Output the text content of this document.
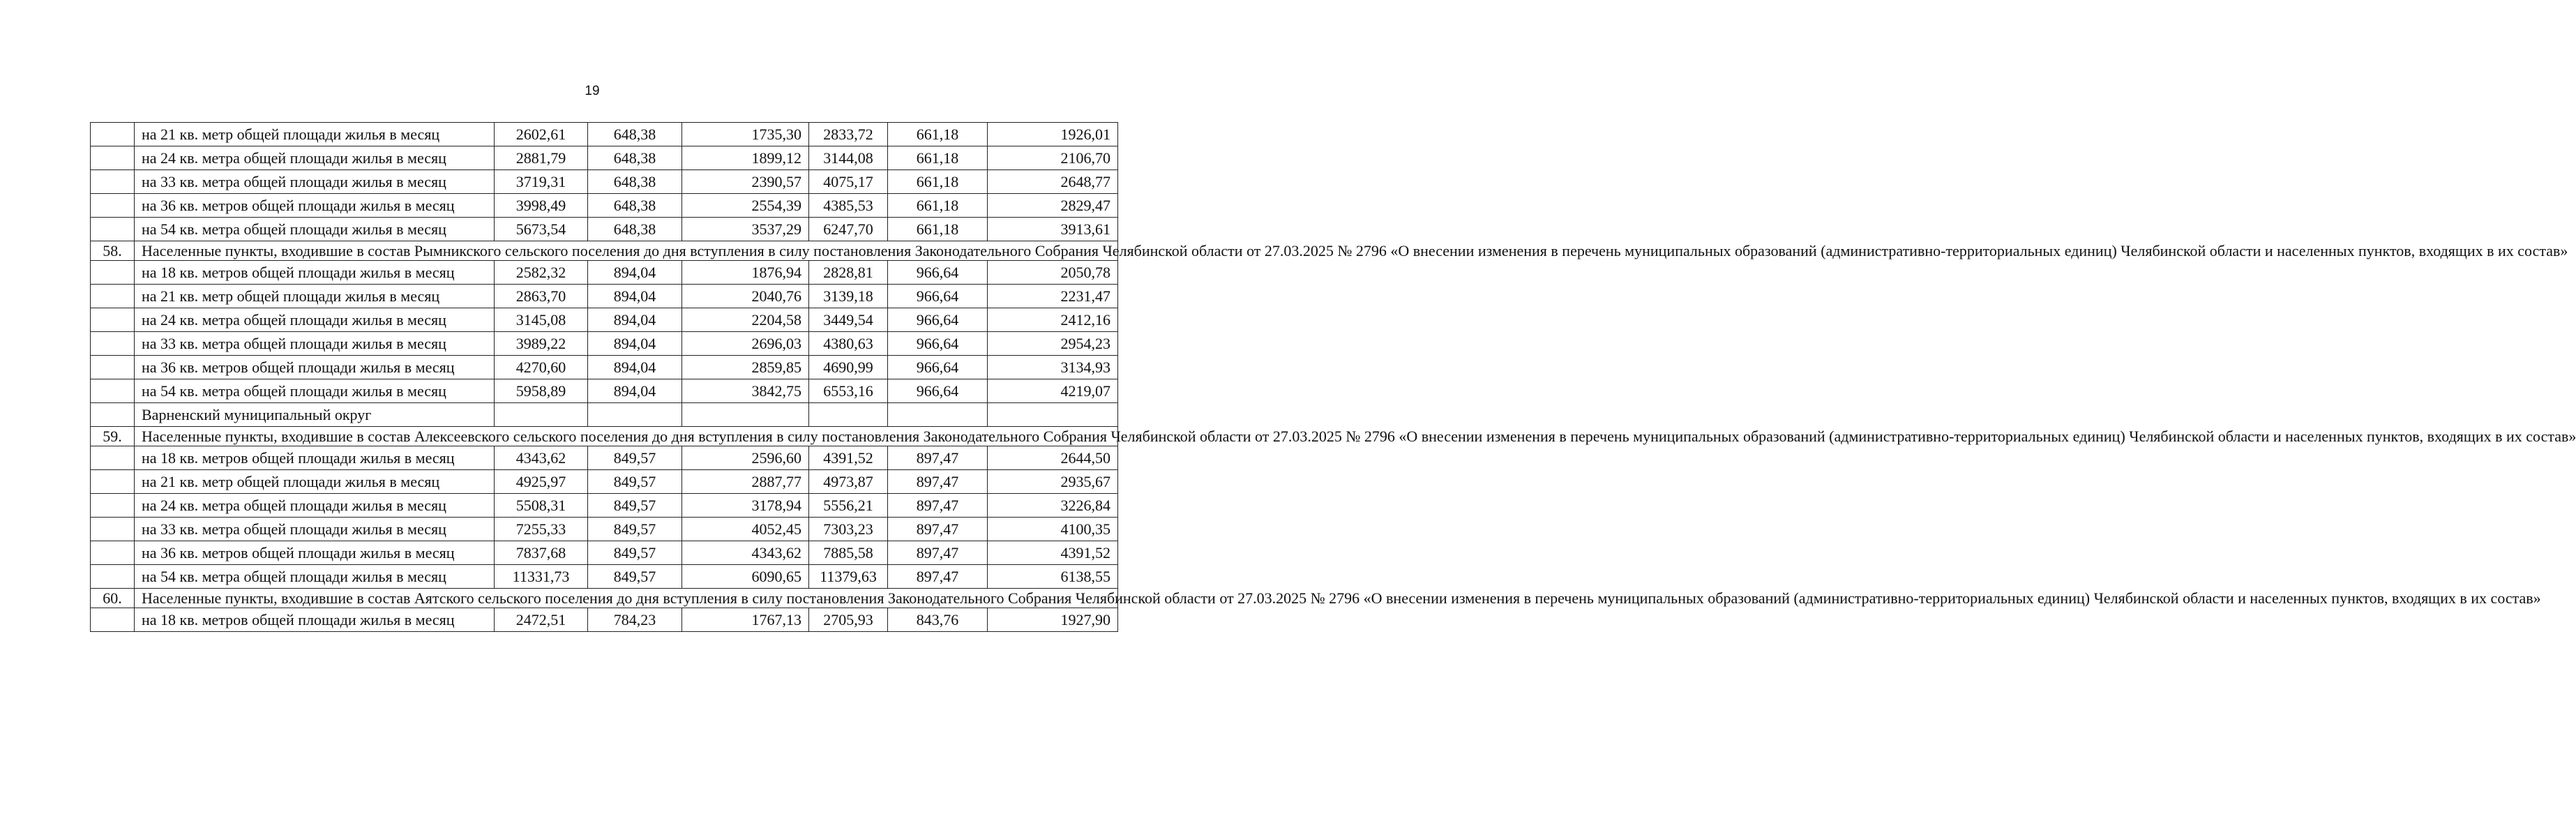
19
	на 21 кв. метр общей площади жилья в месяц	2602,61	648,38	1735,30	2833,72	661,18	1926,01
	на 24 кв. метра общей площади жилья в месяц	2881,79	648,38	1899,12	3144,08	661,18	2106,70
	на 33 кв. метра общей площади жилья в месяц	3719,31	648,38	2390,57	4075,17	661,18	2648,77
	на 36 кв. метров общей площади жилья в месяц	3998,49	648,38	2554,39	4385,53	661,18	2829,47
	на 54 кв. метра общей площади жилья в месяц	5673,54	648,38	3537,29	6247,70	661,18	3913,61
58.	Населенные пункты, входившие в состав Рымникского сельского поселения до дня вступления в силу постановления Законодательного Собрания Челябинской области от 27.03.2025 № 2796 «О внесении изменения в перечень муниципальных образований (административно-территориальных единиц) Челябинской области и населенных пунктов, входящих в их состав»						
	на 18 кв. метров общей площади жилья в месяц	2582,32	894,04	1876,94	2828,81	966,64	2050,78
	на 21 кв. метр общей площади жилья в месяц	2863,70	894,04	2040,76	3139,18	966,64	2231,47
	на 24 кв. метра общей площади жилья в месяц	3145,08	894,04	2204,58	3449,54	966,64	2412,16
	на 33 кв. метра общей площади жилья в месяц	3989,22	894,04	2696,03	4380,63	966,64	2954,23
	на 36 кв. метров общей площади жилья в месяц	4270,60	894,04	2859,85	4690,99	966,64	3134,93
	на 54 кв. метра общей площади жилья в месяц	5958,89	894,04	3842,75	6553,16	966,64	4219,07
	Варненский муниципальный округ						
59.	Населенные пункты, входившие в состав Алексеевского сельского поселения до дня вступления в силу постановления Законодательного Собрания Челябинской области от 27.03.2025 № 2796 «О внесении изменения в перечень муниципальных образований (административно-территориальных единиц) Челябинской области и населенных пунктов, входящих в их состав»						
	на 18 кв. метров общей площади жилья в месяц	4343,62	849,57	2596,60	4391,52	897,47	2644,50
	на 21 кв. метр общей площади жилья в месяц	4925,97	849,57	2887,77	4973,87	897,47	2935,67
	на 24 кв. метра общей площади жилья в месяц	5508,31	849,57	3178,94	5556,21	897,47	3226,84
	на 33 кв. метра общей площади жилья в месяц	7255,33	849,57	4052,45	7303,23	897,47	4100,35
	на 36 кв. метров общей площади жилья в месяц	7837,68	849,57	4343,62	7885,58	897,47	4391,52
	на 54 кв. метра общей площади жилья в месяц	11331,73	849,57	6090,65	11379,63	897,47	6138,55
60.	Населенные пункты, входившие в состав Аятского сельского поселения до дня вступления в силу постановления Законодательного Собрания Челябинской области от 27.03.2025 № 2796 «О внесении изменения в перечень муниципальных образований (административно-территориальных единиц) Челябинской области и населенных пунктов, входящих в их состав»						
	на 18 кв. метров общей площади жилья в месяц	2472,51	784,23	1767,13	2705,93	843,76	1927,90
